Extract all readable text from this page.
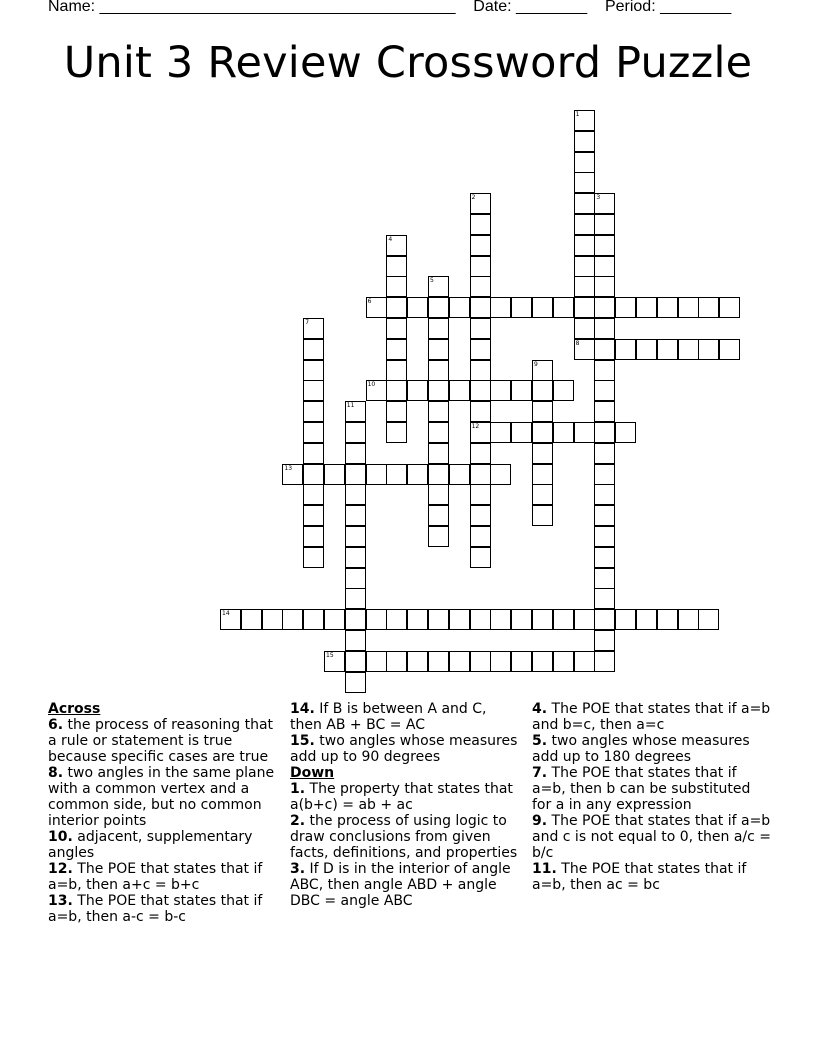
Name: ________________________________________    Date: ________    Period: ________
Unit 3 Review Crossword Puzzle
1
8
2
12
3
4
5
6
7
9
10
11
13
14
15
Across
6. the process of reasoning that a rule or statement is true because specific cases are true
8. two angles in the same plane with a common vertex and a common side, but no common interior points
10. adjacent, supplementary angles
12. The POE that states that if a=b, then a+c = b+c
13. The POE that states that if a=b, then a-c = b-c
14. If B is between A and C, then AB + BC = AC
15. two angles whose measures add up to 90 degrees
Down
1. The property that states that a(b+c) = ab + ac
2. the process of using logic to draw conclusions from given facts, definitions, and properties
3. If D is in the interior of angle ABC, then angle ABD + angle DBC = angle ABC
4. The POE that states that if a=b and b=c, then a=c
5. two angles whose measures add up to 180 degrees
7. The POE that states that if a=b, then b can be substituted for a in any expression
9. The POE that states that if a=b and c is not equal to 0, then a/c = b/c
11. The POE that states that if a=b, then ac = bc
